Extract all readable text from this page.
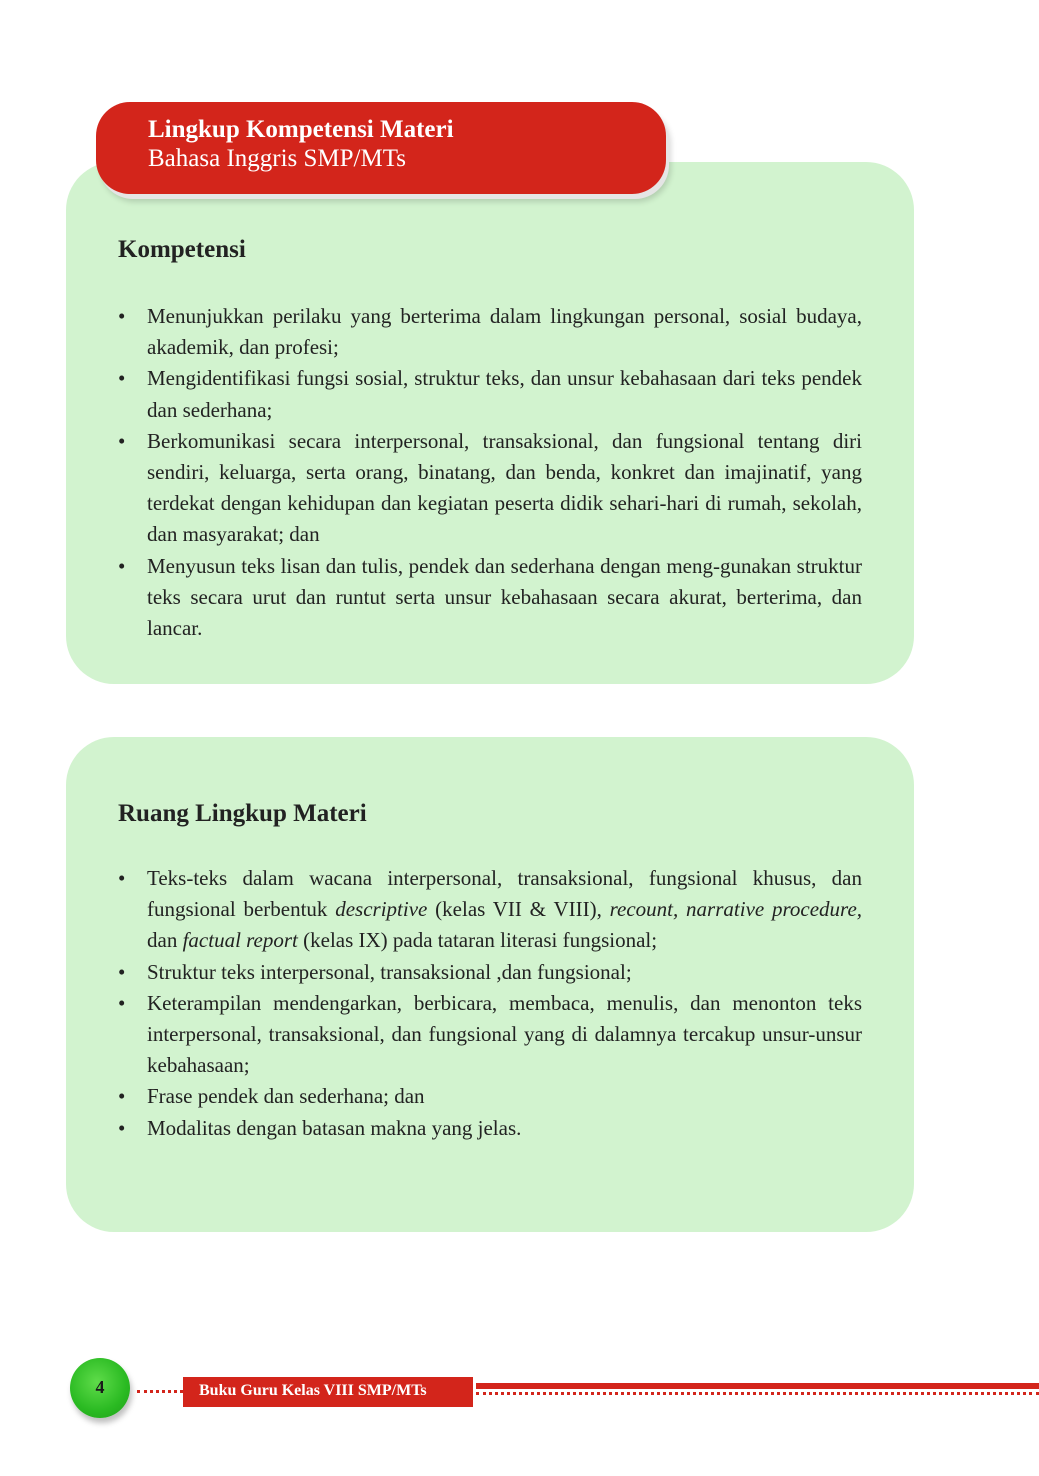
Lingkup Kompetensi Materi
Bahasa Inggris SMP/MTs
Kompetensi
• Menunjukkan perilaku yang berterima dalam lingkungan personal, sosial budaya, akademik, dan profesi;
• Mengidentifikasi fungsi sosial, struktur teks, dan unsur kebahasaan dari teks pendek dan sederhana;
• Berkomunikasi secara interpersonal, transaksional, dan fungsional tentang diri sendiri, keluarga, serta orang, binatang, dan benda, konkret dan imajinatif, yang terdekat dengan kehidupan dan kegiatan peserta didik sehari-hari di rumah, sekolah, dan masyarakat; dan
• Menyusun teks lisan dan tulis, pendek dan sederhana dengan meng-gunakan struktur teks secara urut dan runtut serta unsur kebahasaan secara akurat, berterima, dan lancar.
Ruang Lingkup Materi
• Teks-teks dalam wacana interpersonal, transaksional, fungsional khusus, dan fungsional berbentuk descriptive (kelas VII & VIII), recount, narrative procedure, dan factual report (kelas IX) pada tataran literasi fungsional;
• Struktur teks interpersonal, transaksional ,dan fungsional;
• Keterampilan mendengarkan, berbicara, membaca, menulis, dan menonton teks interpersonal, transaksional, dan fungsional yang di dalamnya tercakup unsur-unsur kebahasaan;
• Frase pendek dan sederhana; dan
• Modalitas dengan batasan makna yang jelas.
4	Buku Guru Kelas VIII SMP/MTs
